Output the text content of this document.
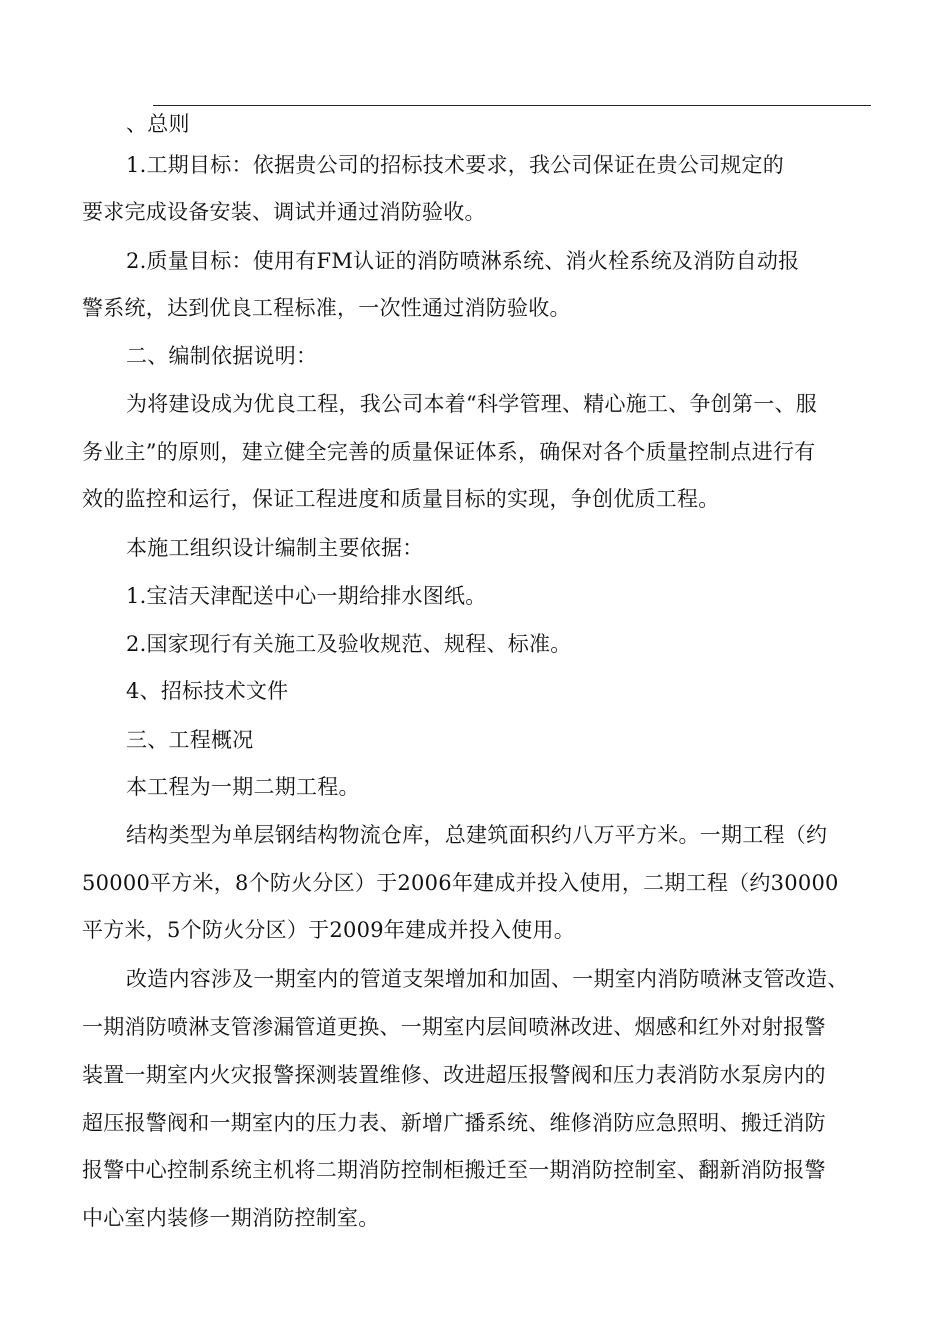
、总则
1.工期目标：依据贵公司的招标技术要求，我公司保证在贵公司规定的
要求完成设备安装、调试并通过消防验收。
2.质量目标：使用有FM认证的消防喷淋系统、消火栓系统及消防自动报
警系统，达到优良工程标准，一次性通过消防验收。
二、编制依据说明：
为将建设成为优良工程，我公司本着“科学管理、精心施工、争创第一、服
务业主”的原则，建立健全完善的质量保证体系，确保对各个质量控制点进行有
效的监控和运行，保证工程进度和质量目标的实现，争创优质工程。
本施工组织设计编制主要依据：
1.宝洁天津配送中心一期给排水图纸。
2.国家现行有关施工及验收规范、规程、标准。
4、招标技术文件
三、工程概况
本工程为一期二期工程。
结构类型为单层钢结构物流仓库，总建筑面积约八万平方米。一期工程（约
50000平方米，8个防火分区）于2006年建成并投入使用，二期工程（约30000
平方米，5个防火分区）于2009年建成并投入使用。
改造内容涉及一期室内的管道支架增加和加固、一期室内消防喷淋支管改造、
一期消防喷淋支管渗漏管道更换、一期室内层间喷淋改进、烟感和红外对射报警
装置一期室内火灾报警探测装置维修、改进超压报警阀和压力表消防水泵房内的
超压报警阀和一期室内的压力表、新增广播系统、维修消防应急照明、搬迁消防
报警中心控制系统主机将二期消防控制柜搬迁至一期消防控制室、翻新消防报警
中心室内装修一期消防控制室。
